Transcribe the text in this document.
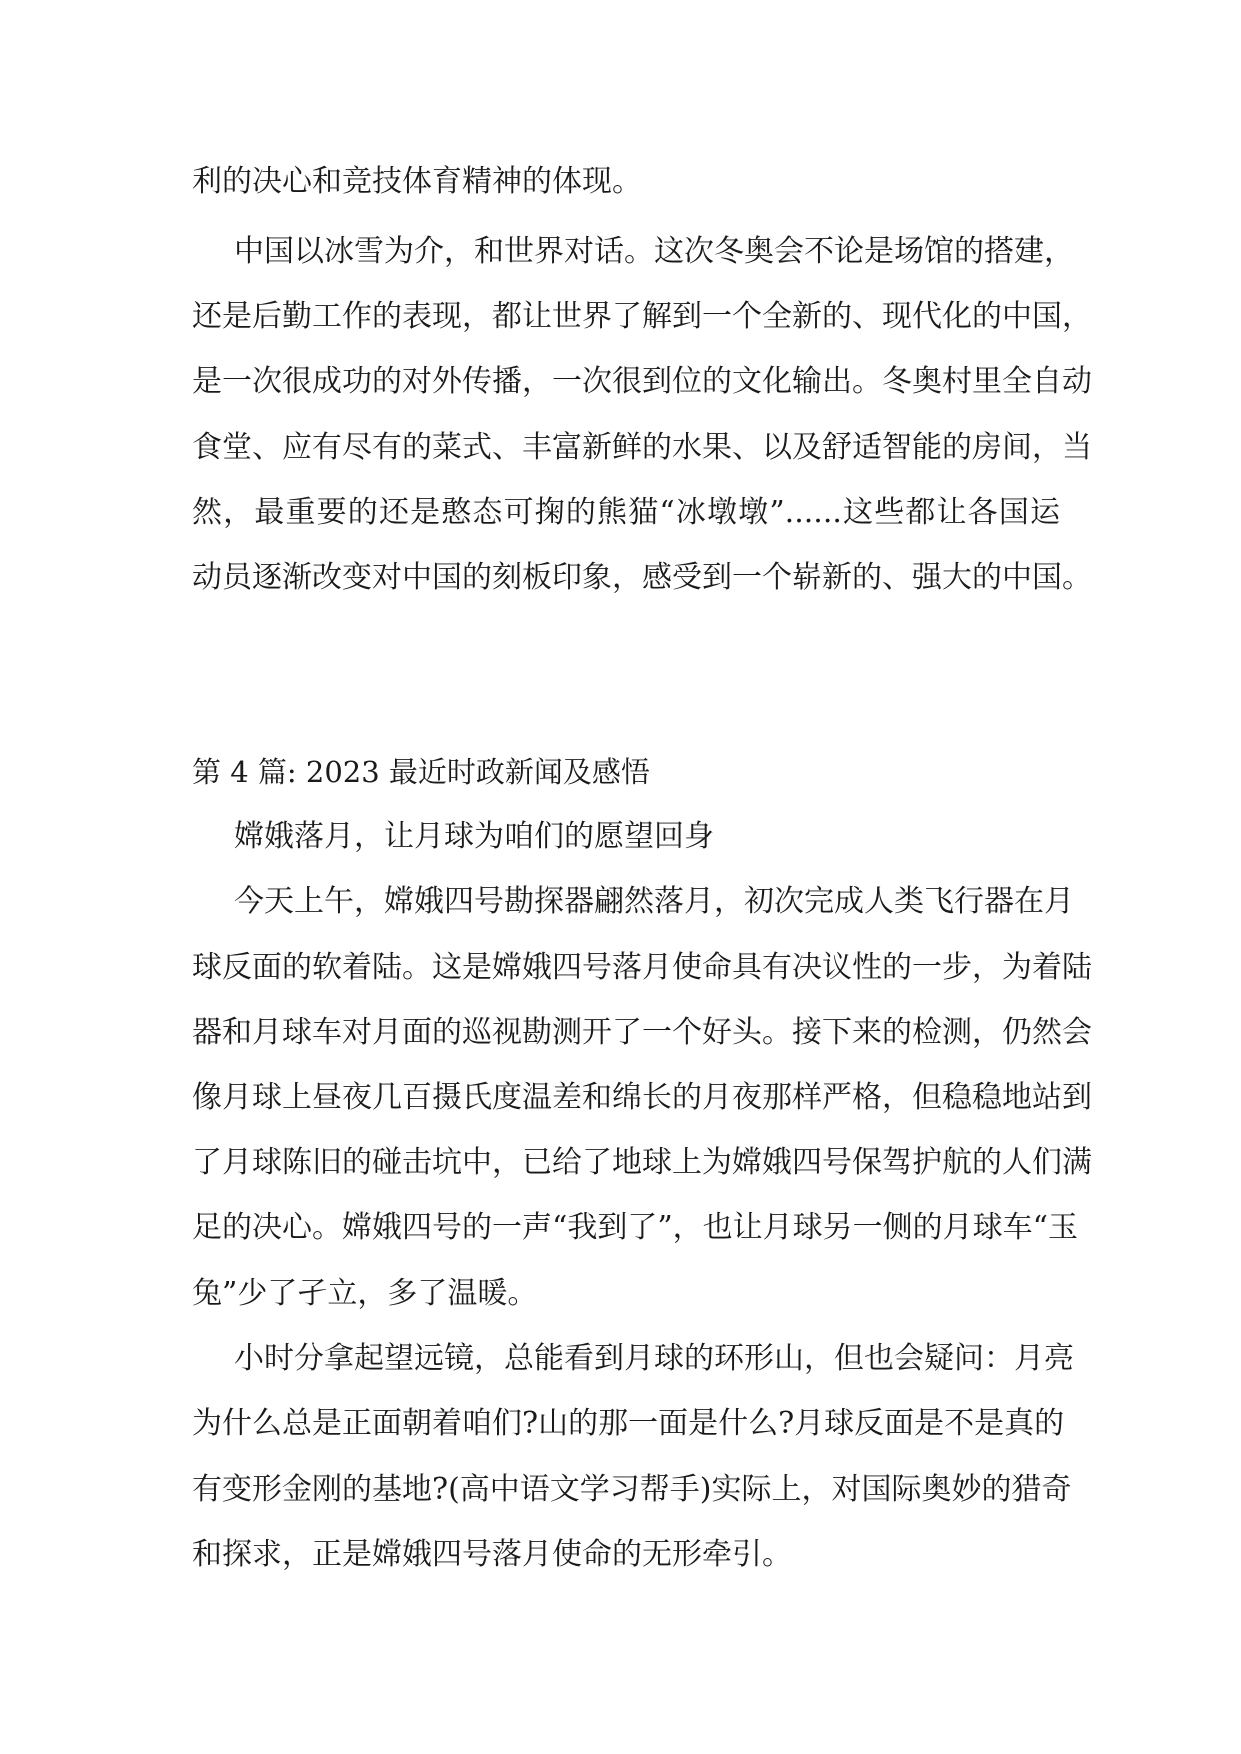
利的决心和竞技体育精神的体现。
中国以冰雪为介，和世界对话。这次冬奥会不论是场馆的搭建，
还是后勤工作的表现，都让世界了解到一个全新的、现代化的中国，
是一次很成功的对外传播，一次很到位的文化输出。冬奥村里全自动
食堂、应有尽有的菜式、丰富新鲜的水果、以及舒适智能的房间，当
然，最重要的还是憨态可掬的熊猫“冰墩墩”......这些都让各国运
动员逐渐改变对中国的刻板印象，感受到一个崭新的、强大的中国。
第 4 篇: 2023 最近时政新闻及感悟
嫦娥落月，让月球为咱们的愿望回身
今天上午，嫦娥四号勘探器翩然落月，初次完成人类飞行器在月
球反面的软着陆。这是嫦娥四号落月使命具有决议性的一步，为着陆
器和月球车对月面的巡视勘测开了一个好头。接下来的检测，仍然会
像月球上昼夜几百摄氏度温差和绵长的月夜那样严格，但稳稳地站到
了月球陈旧的碰击坑中，已给了地球上为嫦娥四号保驾护航的人们满
足的决心。嫦娥四号的一声“我到了”，也让月球另一侧的月球车“玉
兔”少了孑立，多了温暖。
小时分拿起望远镜，总能看到月球的环形山，但也会疑问：月亮
为什么总是正面朝着咱们?山的那一面是什么?月球反面是不是真的
有变形金刚的基地?(高中语文学习帮手)实际上，对国际奥妙的猎奇
和探求，正是嫦娥四号落月使命的无形牵引。
